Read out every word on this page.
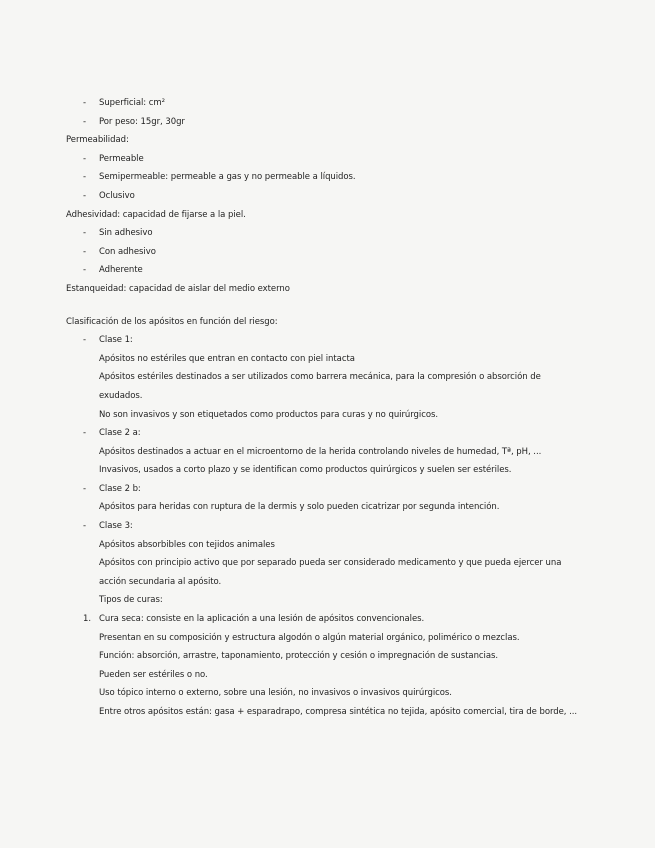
-	Superficial: cm²
-	Por peso: 15gr, 30gr
Permeabilidad:
-	Permeable
-	Semipermeable: permeable a gas y no permeable a líquidos.
-	Oclusivo
Adhesividad: capacidad de fijarse a la piel.
-	Sin adhesivo
-	Con adhesivo
-	Adherente
Estanqueidad: capacidad de aislar del medio externo
Clasificación de los apósitos en función del riesgo:
-	Clase 1:
Apósitos no estériles que entran en contacto con piel intacta
Apósitos estériles destinados a ser utilizados como barrera mecánica, para la compresión o absorción de exudados.
No son invasivos y son etiquetados como productos para curas y no quirúrgicos.
-	Clase 2 a:
Apósitos destinados a actuar en el microentorno de la herida controlando niveles de humedad, Tª, pH, ...
Invasivos, usados a corto plazo y se identifican como productos quirúrgicos y suelen ser estériles.
-	Clase 2 b:
Apósitos para heridas con ruptura de la dermis y solo pueden cicatrizar por segunda intención.
-	Clase 3:
Apósitos absorbibles con tejidos animales
Apósitos con principio activo que por separado pueda ser considerado medicamento y que pueda ejercer una acción secundaria al apósito.
Tipos de curas:
1. Cura seca: consiste en la aplicación a una lesión de apósitos convencionales.
Presentan en su composición y estructura algodón o algún material orgánico, polimérico o mezclas.
Función: absorción, arrastre, taponamiento, protección y cesión o impregnación de sustancias.
Pueden ser estériles o no.
Uso tópico interno o externo, sobre una lesión, no invasivos o invasivos quirúrgicos.
Entre otros apósitos están: gasa + esparadrapo, compresa sintética no tejida, apósito comercial, tira de borde, ...
